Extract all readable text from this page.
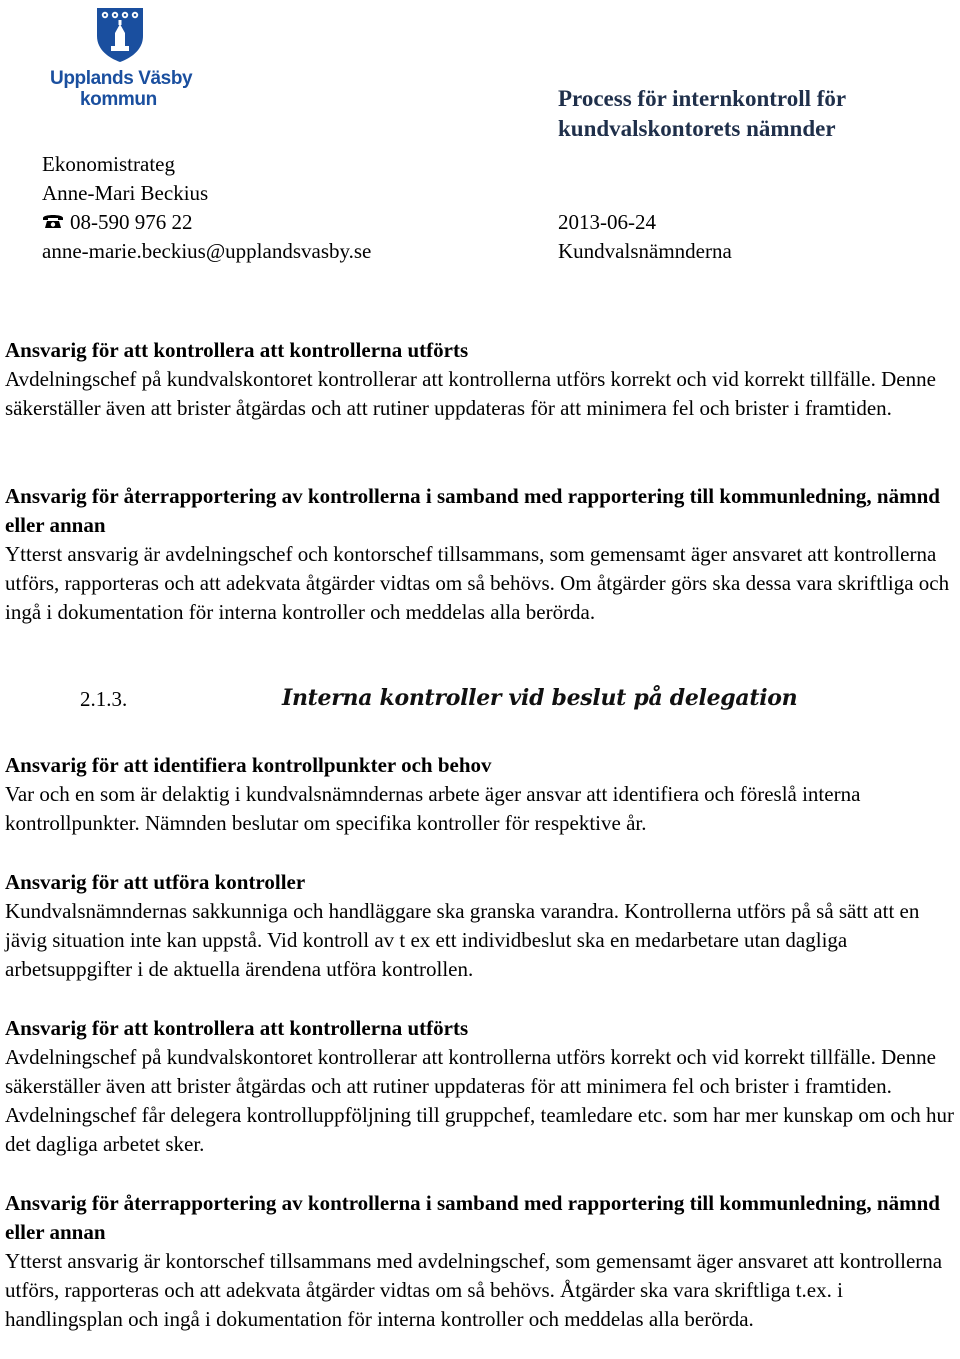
Upplands Väsby
kommun	Process för internkontroll för kundvalskontorets nämnder
Ekonomistrateg
Anne-Mari Beckius
08-590 976 22
anne-marie.beckius@upplandsvasby.se
2013-06-24
Kundvalsnämnderna
Ansvarig för att kontrollera att kontrollerna utförts

Avdelningschef på kundvalskontoret kontrollerar att kontrollerna utförs korrekt och vid korrekt tillfälle. Denne säkerställer även att brister åtgärdas och att rutiner uppdateras för att minimera fel och brister i framtiden.

Ansvarig för återrapportering av kontrollerna i samband med rapportering till kommunledning, nämnd eller annan

Ytterst ansvarig är avdelningschef och kontorschef tillsammans, som gemensamt äger ansvaret att kontrollerna utförs, rapporteras och att adekvata åtgärder vidtas om så behövs. Om åtgärder görs ska dessa vara skriftliga och ingå i dokumentation för interna kontroller och meddelas alla berörda.

2.1.3.	Interna kontroller vid beslut på delegation
Ansvarig för att identifiera kontrollpunkter och behov

Var och en som är delaktig i kundvalsnämndernas arbete äger ansvar att identifiera och föreslå interna kontrollpunkter. Nämnden beslutar om specifika kontroller för respektive år.

Ansvarig för att utföra kontroller

Kundvalsnämndernas sakkunniga och handläggare ska granska varandra. Kontrollerna utförs på så sätt att en jävig situation inte kan uppstå. Vid kontroll av t ex ett individbeslut ska en medarbetare utan dagliga arbetsuppgifter i de aktuella ärendena utföra kontrollen.

Ansvarig för att kontrollera att kontrollerna utförts

Avdelningschef på kundvalskontoret kontrollerar att kontrollerna utförs korrekt och vid korrekt tillfälle. Denne säkerställer även att brister åtgärdas och att rutiner uppdateras för att minimera fel och brister i framtiden. Avdelningschef får delegera kontrolluppföljning till gruppchef, teamledare etc. som har mer kunskap om och hur det dagliga arbetet sker.

Ansvarig för återrapportering av kontrollerna i samband med rapportering till kommunledning, nämnd eller annan

Ytterst ansvarig är kontorschef tillsammans med avdelningschef, som gemensamt äger ansvaret att kontrollerna utförs, rapporteras och att adekvata åtgärder vidtas om så behövs. Åtgärder ska vara skriftliga t.ex. i handlingsplan och ingå i dokumentation för interna kontroller och meddelas alla berörda.
